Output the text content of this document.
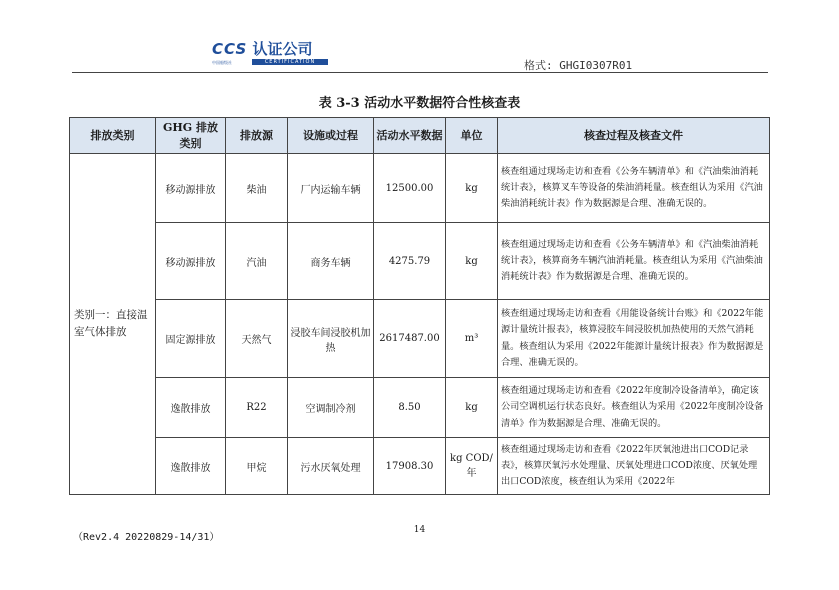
CCS 认证公司
中国船级社	CERTIFICATION	格式: GHGI0307R01
表 3-3 活动水平数据符合性核查表
排放类别	GHG 排放类别	排放源	设施或过程	活动水平数据	单位	核查过程及核查文件
类别一：直接温室气体排放	移动源排放	柴油	厂内运输车辆	12500.00	kg	核查组通过现场走访和查看《公务车辆清单》和《汽油柴油消耗统计表》，核算叉车等设备的柴油消耗量。核查组认为采用《汽油柴油消耗统计表》作为数据源是合理、准确无误的。
	移动源排放	汽油	商务车辆	4275.79	kg	核查组通过现场走访和查看《公务车辆清单》和《汽油柴油消耗统计表》，核算商务车辆汽油消耗量。核查组认为采用《汽油柴油消耗统计表》作为数据源是合理、准确无误的。
	固定源排放	天然气	浸胶车间浸胶机加热	2617487.00	m³	核查组通过现场走访和查看《用能设备统计台账》和《2022年能源计量统计报表》，核算浸胶车间浸胶机加热使用的天然气消耗量。核查组认为采用《2022年能源计量统计报表》作为数据源是合理、准确无误的。
	逸散排放	R22	空调制冷剂	8.50	kg	核查组通过现场走访和查看《2022年度制冷设备清单》，确定该公司空调机运行状态良好。核查组认为采用《2022年度制冷设备清单》作为数据源是合理、准确无误的。
	逸散排放	甲烷	污水厌氧处理	17908.30	kg COD/年	核查组通过现场走访和查看《2022年厌氧池进出口COD记录表》，核算厌氧污水处理量、厌氧处理进口COD浓度、厌氧处理出口COD浓度，核查组认为采用《2022年
（Rev2.4 20220829-14/31）
14
